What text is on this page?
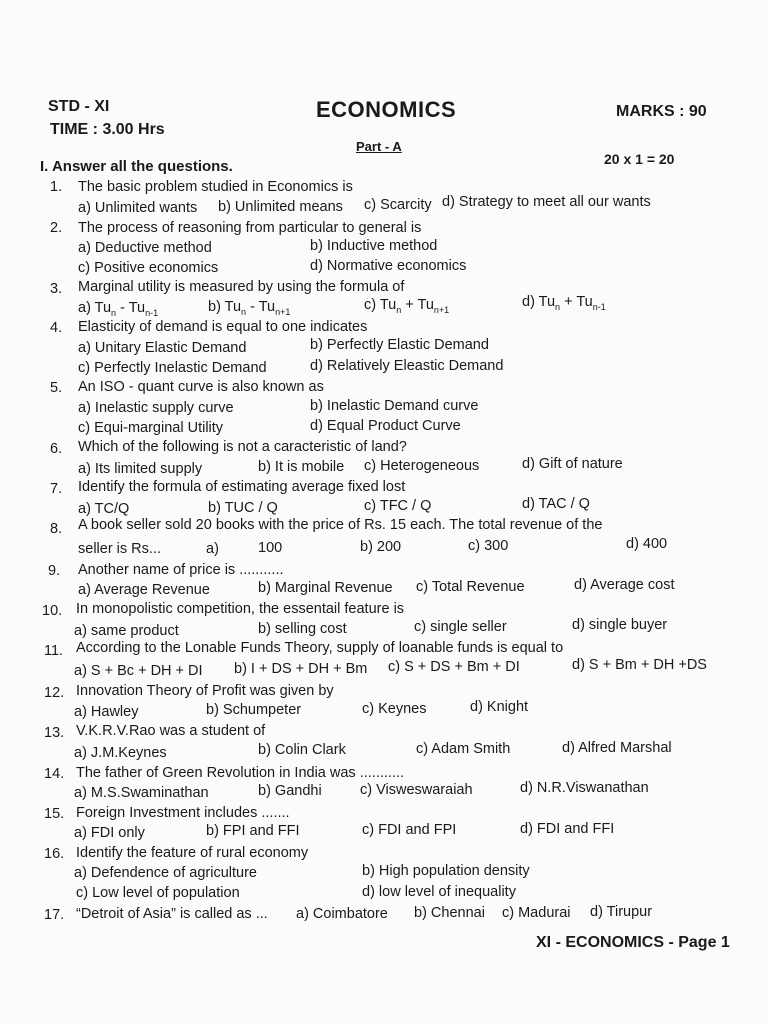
STD - XI
TIME : 3.00 Hrs
ECONOMICS	MARKS : 90
Part - A
I. Answer all the questions.	20 x 1 = 20
1. The basic problem studied in Economics is
a) Unlimited wants b) Unlimited means c) Scarcity d) Strategy to meet all our wants
2. The process of reasoning from particular to general is
a) Deductive method	b) Inductive method
c) Positive economics	d) Normative economics
3. Marginal utility is measured by using the formula of
a) $Tu_n - Tu_{n-1}$	b) $Tu_n - Tu_{n+1}$	c) $Tu_n + Tu_{n+1}$	d) $Tu_n + Tu_{n-1}$
4. Elasticity of demand is equal to one indicates
a) Unitary Elastic Demand	b) Perfectly Elastic Demand
c) Perfectly Inelastic Demand	d) Relatively Eleastic Demand
5. An ISO - quant curve is also known as
a) Inelastic supply curve	b) Inelastic Demand curve
c) Equi-marginal Utility	d) Equal Product Curve
6. Which of the following is not a caracteristic of land?
a) Its limited supply	b) It is mobile c) Heterogeneous	d) Gift of nature
7. Identify the formula of estimating average fixed lost
a) TC/Q	b) TUC / Q	c) TFC / Q	d) TAC / Q
8. A book seller sold 20 books with the price of Rs. 15 each. The total revenue of the
seller is Rs...	a)	100	b) 200	c) 300	d) 400
9. Another name of price is ...........
a) Average Revenue	b) Marginal Revenue c) Total Revenue	d) Average cost
10. In monopolistic competition, the essentail feature is
a) same product	b) selling cost	c) single seller	d) single buyer
11. According to the Lonable Funds Theory, supply of loanable funds is equal to
a) S + Bc + DH + DI b) I + DS + DH + Bm c) S + DS + Bm + DI	d) S + Bm + DH +DS
12. Innovation Theory of Profit was given by
a) Hawley	b) Schumpeter	c) Keynes	d) Knight
13. V.K.R.V.Rao was a student of
a) J.M.Keynes	b) Colin Clark	c) Adam Smith	d) Alfred Marshal
14. The father of Green Revolution in India was ...........
a) M.S.Swaminathan	b) Gandhi	c) Visweswaraiah	d) N.R.Viswanathan
15. Foreign Investment includes .......
a) FDI only	b) FPI and FFI	c) FDI and FPI	d) FDI and FFI
16. Identify the feature of rural economy
a) Defendence of agriculture	b) High population density
c) Low level of population	d) low level of inequality
17. “Detroit of Asia” is called as ... a) Coimbatore b) Chennai c) Madurai d) Tirupur
XI - ECONOMICS - Page 1
